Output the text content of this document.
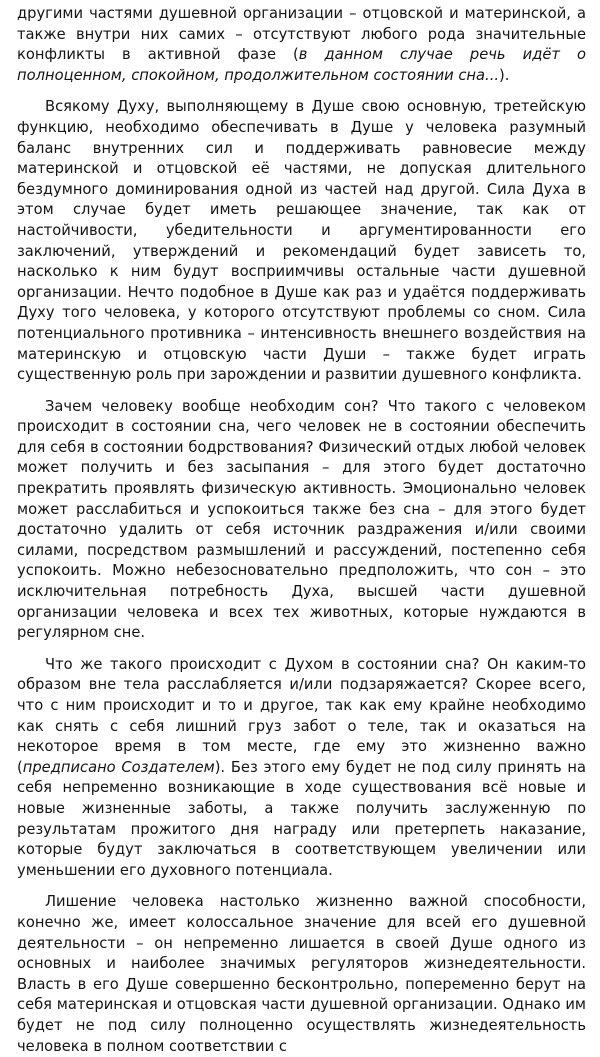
другими частями душевной организации – отцовской и материнской, а также внутри них самих – отсутствуют любого рода значительные конфликты в активной фазе (в данном случае речь идёт о полноценном, спокойном, продолжительном состоянии сна...).

Всякому Духу, выполняющему в Душе свою основную, третейскую функцию, необходимо обеспечивать в Душе у человека разумный баланс внутренних сил и поддерживать равновесие между материнской и отцовской её частями, не допуская длительного бездумного доминирования одной из частей над другой. Сила Духа в этом случае будет иметь решающее значение, так как от настойчивости, убедительности и аргументированности его заключений, утверждений и рекомендаций будет зависеть то, насколько к ним будут восприимчивы остальные части душевной организации. Нечто подобное в Душе как раз и удаётся поддерживать Духу того человека, у которого отсутствуют проблемы со сном. Сила потенциального противника – интенсивность внешнего воздействия на материнскую и отцовскую части Души – также будет играть существенную роль при зарождении и развитии душевного конфликта.

Зачем человеку вообще необходим сон? Что такого с человеком происходит в состоянии сна, чего человек не в состоянии обеспечить для себя в состоянии бодрствования? Физический отдых любой человек может получить и без засыпания – для этого будет достаточно прекратить проявлять физическую активность. Эмоционально человек может расслабиться и успокоиться также без сна – для этого будет достаточно удалить от себя источник раздражения и/или своими силами, посредством размышлений и рассуждений, постепенно себя успокоить. Можно небезосновательно предположить, что сон – это исключительная потребность Духа, высшей части душевной организации человека и всех тех животных, которые нуждаются в регулярном сне.

Что же такого происходит с Духом в состоянии сна? Он каким-то образом вне тела расслабляется и/или подзаряжается? Скорее всего, что с ним происходит и то и другое, так как ему крайне необходимо как снять с себя лишний груз забот о теле, так и оказаться на некоторое время в том месте, где ему это жизненно важно (предписано Создателем). Без этого ему будет не под силу принять на себя непременно возникающие в ходе существования всё новые и новые жизненные заботы, а также получить заслуженную по результатам прожитого дня награду или претерпеть наказание, которые будут заключаться в соответствующем увеличении или уменьшении его духовного потенциала.

Лишение человека настолько жизненно важной способности, конечно же, имеет колоссальное значение для всей его душевной деятельности – он непременно лишается в своей Душе одного из основных и наиболее значимых регуляторов жизнедеятельности. Власть в его Душе совершенно бесконтрольно, попеременно берут на себя материнская и отцовская части душевной организации. Однако им будет не под силу полноценно осуществлять жизнедеятельность человека в полном соответствии с
